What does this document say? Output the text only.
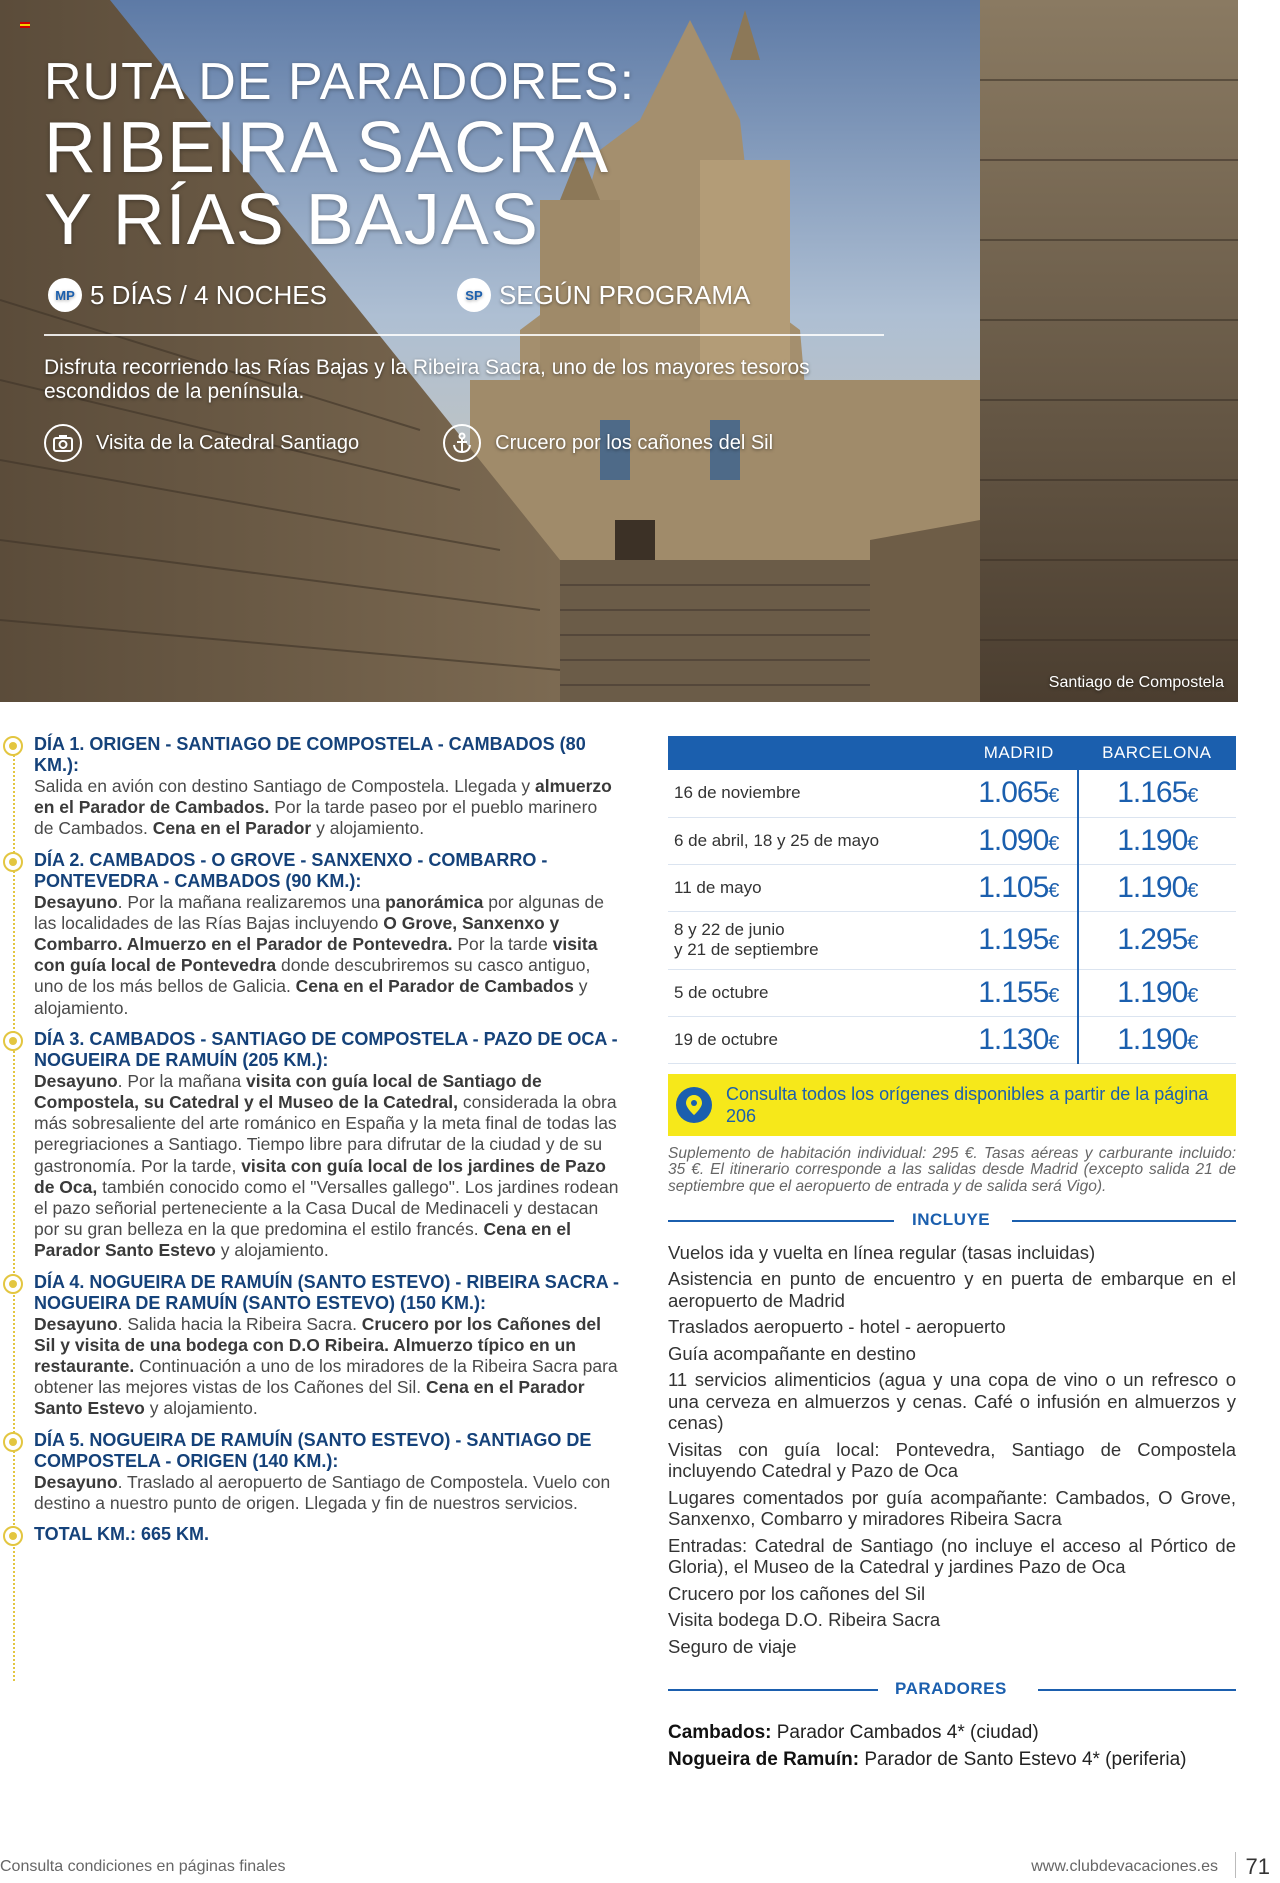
RUTA DE PARADORES:
RIBEIRA SACRA
Y RÍAS BAJAS
MP 5 DÍAS / 4 NOCHES	SP SEGÚN PROGRAMA
Disfruta recorriendo las Rías Bajas y la Ribeira Sacra, uno de los mayores tesoros escondidos de la península.
Visita de la Catedral Santiago	Crucero por los cañones del Sil
Santiago de Compostela
DÍA 1. ORIGEN - SANTIAGO DE COMPOSTELA - CAMBADOS (80 KM.):
Salida en avión con destino Santiago de Compostela. Llegada y almuerzo en el Parador de Cambados. Por la tarde paseo por el pueblo marinero de Cambados. Cena en el Parador y alojamiento.
DÍA 2. CAMBADOS - O GROVE - SANXENXO - COMBARRO - PONTEVEDRA - CAMBADOS (90 KM.):
Desayuno. Por la mañana realizaremos una panorámica por algunas de las localidades de las Rías Bajas incluyendo O Grove, Sanxenxo y Combarro. Almuerzo en el Parador de Pontevedra. Por la tarde visita con guía local de Pontevedra donde descubriremos su casco antiguo, uno de los más bellos de Galicia. Cena en el Parador de Cambados y alojamiento.
DÍA 3. CAMBADOS - SANTIAGO DE COMPOSTELA - PAZO DE OCA - NOGUEIRA DE RAMUÍN (205 KM.):
Desayuno. Por la mañana visita con guía local de Santiago de Compostela, su Catedral y el Museo de la Catedral, considerada la obra más sobresaliente del arte románico en España y la meta final de todas las peregriaciones a Santiago. Tiempo libre para difrutar de la ciudad y de su gastronomía. Por la tarde, visita con guía local de los jardines de Pazo de Oca, también conocido como el "Versalles gallego". Los jardines rodean el pazo señorial perteneciente a la Casa Ducal de Medinaceli y destacan por su gran belleza en la que predomina el estilo francés. Cena en el Parador Santo Estevo y alojamiento.
DÍA 4. NOGUEIRA DE RAMUÍN (SANTO ESTEVO) - RIBEIRA SACRA - NOGUEIRA DE RAMUÍN (SANTO ESTEVO) (150 KM.):
Desayuno. Salida hacia la Ribeira Sacra. Crucero por los Cañones del Sil y visita de una bodega con D.O Ribeira. Almuerzo típico en un restaurante. Continuación a uno de los miradores de la Ribeira Sacra para obtener las mejores vistas de los Cañones del Sil. Cena en el Parador Santo Estevo y alojamiento.
DÍA 5. NOGUEIRA DE RAMUÍN (SANTO ESTEVO) - SANTIAGO DE COMPOSTELA - ORIGEN (140 KM.):
Desayuno. Traslado al aeropuerto de Santiago de Compostela. Vuelo con destino a nuestro punto de origen. Llegada y fin de nuestros servicios.
TOTAL KM.: 665 KM.
	MADRID	BARCELONA
16 de noviembre	1.065€	1.165€
6 de abril, 18 y 25 de mayo	1.090€	1.190€
11 de mayo	1.105€	1.190€
8 y 22 de junio
y 21 de septiembre	1.195€	1.295€
5 de octubre	1.155€	1.190€
19 de octubre	1.130€	1.190€
Consulta todos los orígenes disponibles a partir de la página 206
Suplemento de habitación individual: 295 €. Tasas aéreas y carburante incluido: 35 €. El itinerario corresponde a las salidas desde Madrid (excepto salida 21 de septiembre que el aeropuerto de entrada y de salida será Vigo).
INCLUYE
Vuelos ida y vuelta en línea regular (tasas incluidas)
Asistencia en punto de encuentro y en puerta de embarque en el aeropuerto de Madrid
Traslados aeropuerto - hotel - aeropuerto
Guía acompañante en destino
11 servicios alimenticios (agua y una copa de vino o un refresco o una cerveza en almuerzos y cenas. Café o infusión en almuerzos y cenas)
Visitas con guía local: Pontevedra, Santiago de Compostela incluyendo Catedral y Pazo de Oca
Lugares comentados por guía acompañante: Cambados, O Grove, Sanxenxo, Combarro y miradores Ribeira Sacra
Entradas: Catedral de Santiago (no incluye el acceso al Pórtico de Gloria), el Museo de la Catedral y jardines Pazo de Oca
Crucero por los cañones del Sil
Visita bodega D.O. Ribeira Sacra
Seguro de viaje
PARADORES
Cambados: Parador Cambados 4* (ciudad)
Nogueira de Ramuín: Parador de Santo Estevo 4* (periferia)
Consulta condiciones en páginas finales	www.clubdevacaciones.es 71
